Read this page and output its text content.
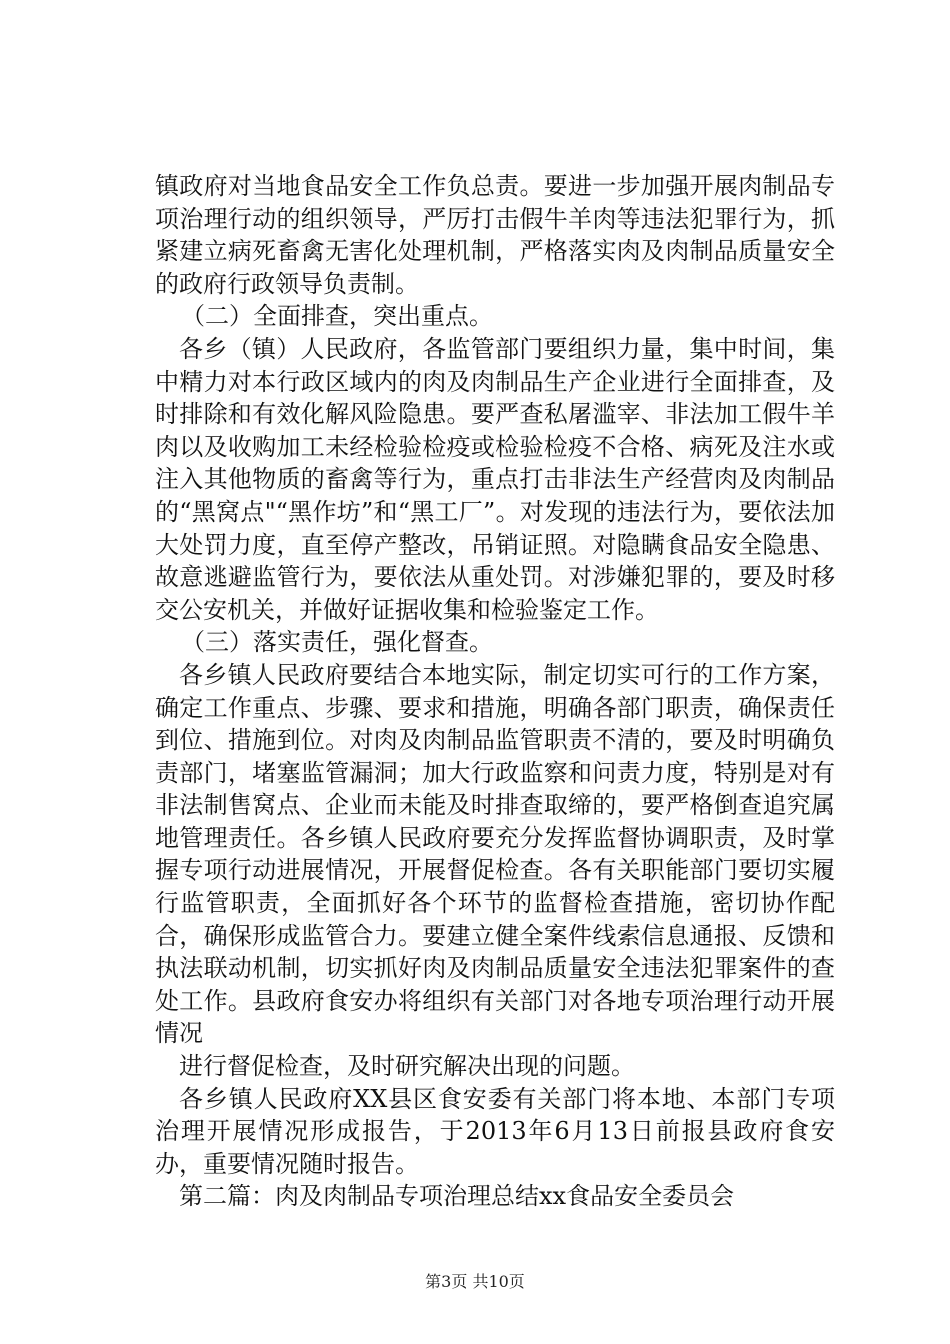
镇政府对当地食品安全工作负总责。要进一步加强开展肉制品专项治理行动的组织领导，严厉打击假牛羊肉等违法犯罪行为，抓紧建立病死畜禽无害化处理机制，严格落实肉及肉制品质量安全的政府行政领导负责制。

（二）全面排查，突出重点。

各乡（镇）人民政府，各监管部门要组织力量，集中时间，集中精力对本行政区域内的肉及肉制品生产企业进行全面排查，及时排除和有效化解风险隐患。要严查私屠滥宰、非法加工假牛羊肉以及收购加工未经检验检疫或检验检疫不合格、病死及注水或注入其他物质的畜禽等行为，重点打击非法生产经营肉及肉制品的“黑窝点"“黑作坊”和“黑工厂”。对发现的违法行为，要依法加大处罚力度，直至停产整改，吊销证照。对隐瞒食品安全隐患、故意逃避监管行为，要依法从重处罚。对涉嫌犯罪的，要及时移交公安机关，并做好证据收集和检验鉴定工作。

（三）落实责任，强化督查。

各乡镇人民政府要结合本地实际，制定切实可行的工作方案，确定工作重点、步骤、要求和措施，明确各部门职责，确保责任到位、措施到位。对肉及肉制品监管职责不清的，要及时明确负责部门，堵塞监管漏洞；加大行政监察和问责力度，特别是对有非法制售窝点、企业而未能及时排查取缔的，要严格倒查追究属地管理责任。各乡镇人民政府要充分发挥监督协调职责，及时掌握专项行动进展情况，开展督促检查。各有关职能部门要切实履行监管职责，全面抓好各个环节的监督检查措施，密切协作配合，确保形成监管合力。要建立健全案件线索信息通报、反馈和执法联动机制，切实抓好肉及肉制品质量安全违法犯罪案件的查处工作。县政府食安办将组织有关部门对各地专项治理行动开展情况

进行督促检查，及时研究解决出现的问题。

各乡镇人民政府XX县区食安委有关部门将本地、本部门专项治理开展情况形成报告，于2013年6月13日前报县政府食安办，重要情况随时报告。

第二篇：肉及肉制品专项治理总结xx食品安全委员会

第3页 共10页
